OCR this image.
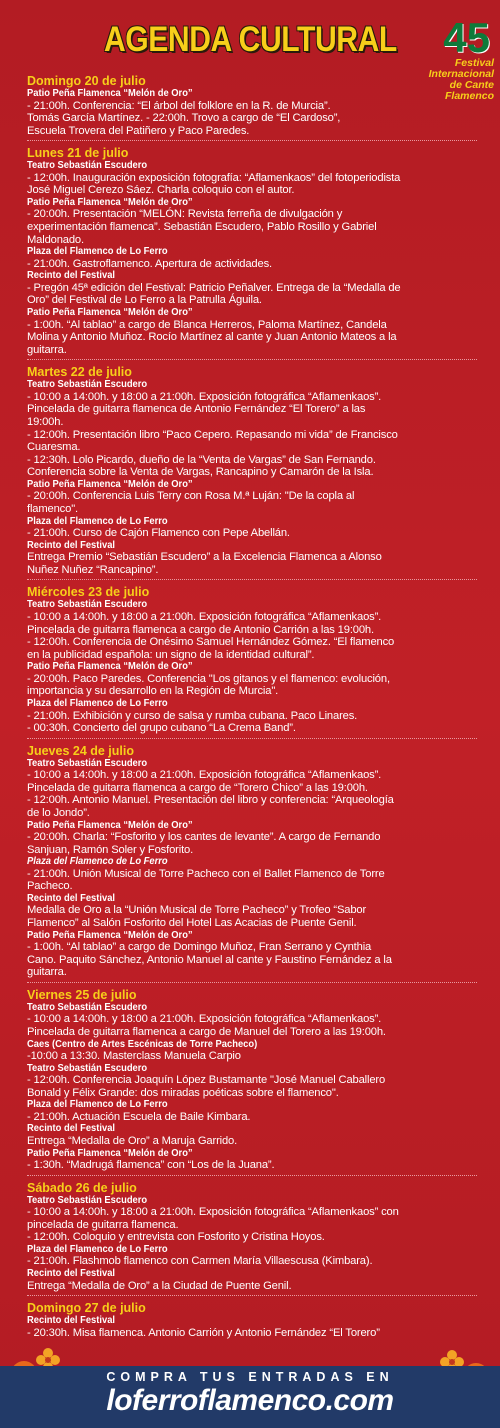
AGENDA CULTURAL	45
Festival
Internacional
de Cante
Flamenco
Domingo 20 de julio
Patio Peña Flamenca “Melón de Oro”
- 21:00h. Conferencia: “El árbol del folklore en la R. de Murcia”.
Tomás García Martínez. - 22:00h. Trovo a cargo de “El Cardoso”,
Escuela Trovera del Patiñero y Paco Paredes.
Lunes 21 de julio
Teatro Sebastián Escudero
- 12:00h. Inauguración exposición fotografía: “Aflamenkaos” del fotoperiodista
José Miguel Cerezo Sáez. Charla coloquio con el autor.
Patio Peña Flamenca “Melón de Oro”
- 20:00h. Presentación “MELÓN: Revista ferreña de divulgación y
experimentación flamenca”. Sebastián Escudero, Pablo Rosillo y Gabriel
Maldonado.
Plaza del Flamenco de Lo Ferro
- 21:00h. Gastroflamenco. Apertura de actividades.
Recinto del Festival
- Pregón 45ª edición del Festival: Patricio Peñalver. Entrega de la “Medalla de
Oro” del Festival de Lo Ferro a la Patrulla Águila.
Patio Peña Flamenca “Melón de Oro”
- 1:00h. “Al tablao” a cargo de Blanca Herreros, Paloma Martínez, Candela
Molina y Antonio Muñoz. Rocío Martínez al cante y Juan Antonio Mateos a la
guitarra.
Martes 22 de julio
Teatro Sebastián Escudero
- 10:00 a 14:00h. y 18:00 a 21:00h. Exposición fotográfica “Aflamenkaos”.
Pincelada de guitarra flamenca de Antonio Fernández “El Torero” a las
19:00h.
- 12:00h. Presentación libro “Paco Cepero. Repasando mi vida” de Francisco
Cuaresma.
- 12:30h. Lolo Picardo, dueño de la “Venta de Vargas” de San Fernando.
Conferencia sobre la Venta de Vargas, Rancapino y Camarón de la Isla.
Patio Peña Flamenca “Melón de Oro”
- 20:00h. Conferencia Luis Terry con Rosa M.ª Luján: "De la copla al
flamenco".
Plaza del Flamenco de Lo Ferro
- 21:00h. Curso de Cajón Flamenco con Pepe Abellán.
Recinto del Festival
Entrega Premio “Sebastián Escudero” a la Excelencia Flamenca a Alonso
Nuñez Nuñez “Rancapino”.
Miércoles 23 de julio
Teatro Sebastián Escudero
- 10:00 a 14:00h. y 18:00 a 21:00h. Exposición fotográfica “Aflamenkaos”.
Pincelada de guitarra flamenca a cargo de Antonio Carrión a las 19:00h.
- 12:00h. Conferencia de Onésimo Samuel Hernández Gómez. “El flamenco
en la publicidad española: un signo de la identidad cultural”.
Patio Peña Flamenca “Melón de Oro”
- 20:00h. Paco Paredes. Conferencia "Los gitanos y el flamenco: evolución,
importancia y su desarrollo en la Región de Murcia".
Plaza del Flamenco de Lo Ferro
- 21:00h. Exhibición y curso de salsa y rumba cubana. Paco Linares.
- 00:30h. Concierto del grupo cubano “La Crema Band”.
Jueves 24 de julio
Teatro Sebastián Escudero
- 10:00 a 14:00h. y 18:00 a 21:00h. Exposición fotográfica “Aflamenkaos”.
Pincelada de guitarra flamenca a cargo de “Torero Chico” a las 19:00h.
- 12:00h. Antonio Manuel. Presentación del libro y conferencia: “Arqueología
de lo Jondo”.
Patio Peña Flamenca “Melón de Oro”
- 20:00h. Charla: “Fosforito y los cantes de levante”. A cargo de Fernando
Sanjuan, Ramón Soler y Fosforito.
Plaza del Flamenco de Lo Ferro
- 21:00h. Unión Musical de Torre Pacheco con el Ballet Flamenco de Torre
Pacheco.
Recinto del Festival
Medalla de Oro a la “Unión Musical de Torre Pacheco” y Trofeo “Sabor
Flamenco” al Salón Fosforito del Hotel Las Acacias de Puente Genil.
Patio Peña Flamenca “Melón de Oro”
- 1:00h. “Al tablao” a cargo de Domingo Muñoz, Fran Serrano y Cynthia
Cano. Paquito Sánchez, Antonio Manuel al cante y Faustino Fernández a la
guitarra.
Viernes 25 de julio
Teatro Sebastián Escudero
- 10:00 a 14:00h. y 18:00 a 21:00h. Exposición fotográfica “Aflamenkaos”.
Pincelada de guitarra flamenca a cargo de Manuel del Torero a las 19:00h.
Caes (Centro de Artes Escénicas de Torre Pacheco)
-10:00 a 13:30. Masterclass Manuela Carpio
Teatro Sebastián Escudero
- 12:00h. Conferencia Joaquín López Bustamante "José Manuel Caballero
Bonald y Félix Grande: dos miradas poéticas sobre el flamenco".
Plaza del Flamenco de Lo Ferro
- 21:00h. Actuación Escuela de Baile Kimbara.
Recinto del Festival
Entrega “Medalla de Oro” a Maruja Garrido.
Patio Peña Flamenca “Melón de Oro”
- 1:30h. “Madrugá flamenca” con “Los de la Juana”.
Sábado 26 de julio
Teatro Sebastián Escudero
- 10:00 a 14:00h. y 18:00 a 21:00h. Exposición fotográfica “Aflamenkaos” con
pincelada de guitarra flamenca.
- 12:00h. Coloquio y entrevista con Fosforito y Cristina Hoyos.
Plaza del Flamenco de Lo Ferro
- 21:00h. Flashmob flamenco con Carmen María Villaescusa (Kimbara).
Recinto del Festival
Entrega “Medalla de Oro” a la Ciudad de Puente Genil.
Domingo 27 de julio
Recinto del Festival
- 20:30h. Misa flamenca. Antonio Carrión y Antonio Fernández “El Torero”
COMPRA TUS ENTRADAS EN
loferroflamenco.com
